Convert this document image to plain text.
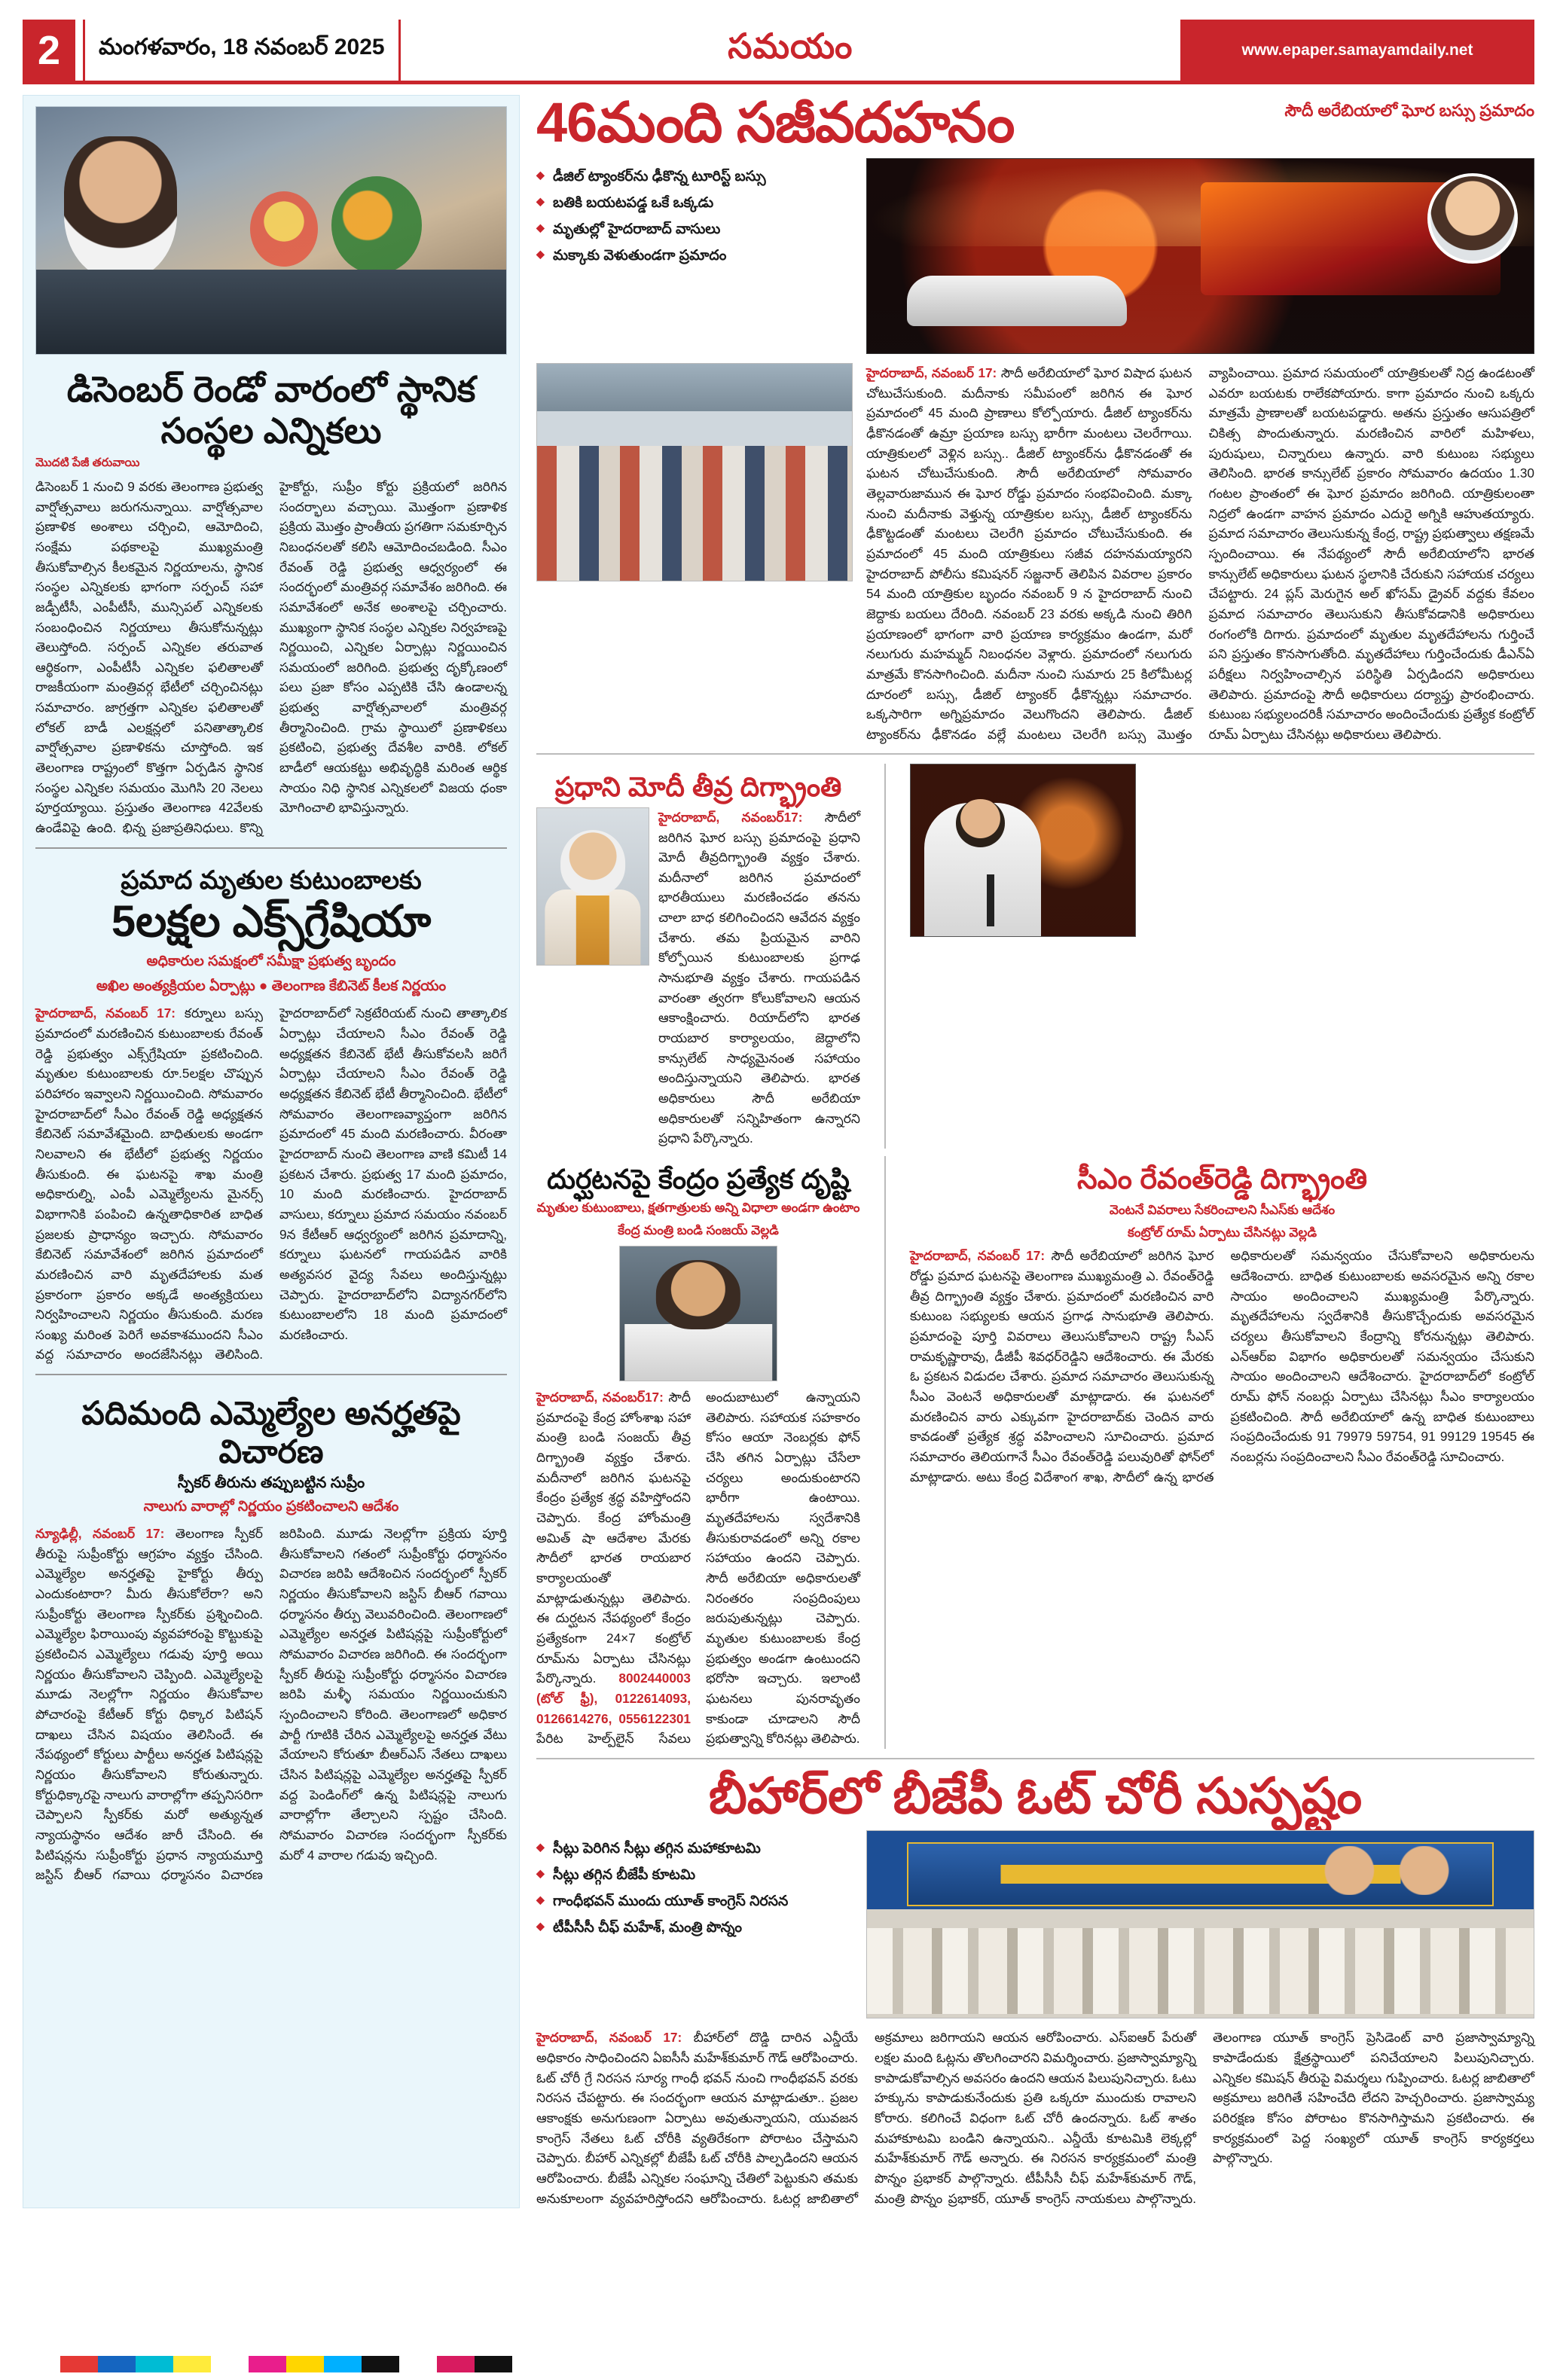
2	మంగళవారం, 18 నవంబర్ 2025	సమయం	www.epaper.samayamdaily.net
డిసెంబర్ రెండో వారంలో స్థానిక సంస్థల ఎన్నికలు
మొదటి పేజీ తరువాయి
డిసెంబర్ 1 నుంచి 9 వరకు తెలంగాణ ప్రభుత్వ వార్షోత్సవాలు జరుగనున్నాయి. వార్షోత్సవాల ప్రణాళిక అంశాలు చర్చించి, ఆమోదించి, సంక్షేమ పథకాలపై ముఖ్యమంత్రి తీసుకోవాల్సిన కీలకమైన నిర్ణయాలను, స్థానిక సంస్థల ఎన్నికలకు భాగంగా సర్పంచ్ సహా జడ్పీటీసీ, ఎంపీటీసీ, మున్సిపల్ ఎన్నికలకు సంబంధించిన నిర్ణయాలు తీసుకోనున్నట్లు తెలుస్తోంది. సర్పంచ్ ఎన్నికల తరువాత ఆర్థికంగా, ఎంపీటీసీ ఎన్నికల ఫలితాలతో రాజకీయంగా మంత్రివర్గ భేటీలో చర్చించినట్లు సమాచారం. జాగ్రత్తగా ఎన్నికల ఫలితాలతో లోకల్ బాడీ ఎలక్షన్లలో పనితాత్కాలిక వార్షోత్సవాల ప్రణాళికను చూస్తోంది. ఇక తెలంగాణ రాష్ట్రంలో కొత్తగా ఏర్పడిన స్థానిక సంస్థల ఎన్నికల సమయం మొగిసి 20 నెలలు పూర్తయ్యాయి. ప్రస్తుతం తెలంగాణ 42వేలకు ఉండేవిపై ఉంది. భిన్న ప్రజాప్రతినిధులు. కొన్ని హైకోర్టు, సుప్రీం కోర్టు ప్రక్రియలో జరిగిన సందర్భాలు వచ్చాయి. మొత్తంగా ప్రణాళిక ప్రక్రియ మొత్తం ప్రాంతీయ ప్రగతిగా సమకూర్చిన నిబంధనలతో కలిసి ఆమోదించబడింది. సీఎం రేవంత్ రెడ్డి ప్రభుత్వ ఆధ్వర్యంలో ఈ సందర్భంలో మంత్రివర్గ సమావేశం జరిగింది. ఈ సమావేశంలో అనేక అంశాలపై చర్చించారు. ముఖ్యంగా స్థానిక సంస్థల ఎన్నికల నిర్వహణపై నిర్ణయించి, ఎన్నికల ఏర్పాట్లు నిర్ణయించిన సమయంలో జరిగింది. ప్రభుత్వ దృక్కోణంలో పలు ప్రజా కోసం ఎప్పటికి చేసి ఉండాలన్న ప్రభుత్వ వార్షోత్సవాలలో మంత్రివర్గ తీర్మానించింది. గ్రామ స్థాయిలో ప్రణాళికలు ప్రకటించి, ప్రభుత్వ దేవశీల వారికి. లోకల్ బాడీలో ఆయకట్టు అభివృద్ధికి మరింత ఆర్థిక సాయం నిధి స్థానిక ఎన్నికలలో విజయ ధంకా మోగించాలి భావిస్తున్నారు.
ప్రమాద మృతుల కుటుంబాలకు
5లక్షల ఎక్స్‌గ్రేషియా
అధికారుల సమక్షంలో సమీక్షా ప్రభుత్వ బృందం
అఖిల అంత్యక్రియల ఏర్పాట్లు ● తెలంగాణ కేబినెట్ కీలక నిర్ణయం
హైదరాబాద్, నవంబర్ 17: కర్నూలు బస్సు ప్రమాదంలో మరణించిన కుటుంబాలకు రేవంత్ రెడ్డి ప్రభుత్వం ఎక్స్‌గ్రేషియా ప్రకటించింది. మృతుల కుటుంబాలకు రూ.5లక్షల చొప్పున పరిహారం ఇవ్వాలని నిర్ణయించింది. సోమవారం హైదరాబాద్‌లో సీఎం రేవంత్ రెడ్డి అధ్యక్షతన కేబినెట్ సమావేశమైంది. బాధితులకు అండగా నిలవాలని ఈ భేటీలో ప్రభుత్వ నిర్ణయం తీసుకుంది. ఈ ఘటనపై శాఖ మంత్రి అధికారుల్ని, ఎంపీ ఎమ్మెల్యేలను మైనర్స్ విభాగానికి పంపించి ఉన్నతాధికారిత బాధిత ప్రజలకు ప్రాధాన్యం ఇచ్చారు. సోమవారం కేబినెట్ సమావేశంలో జరిగిన ప్రమాదంలో మరణించిన వారి మృతదేహాలకు మత ప్రకారంగా ప్రకారం అక్కడే అంత్యక్రియలు నిర్వహించాలని నిర్ణయం తీసుకుంది. మరణ సంఖ్య మరింత పెరిగే అవకాశముందని సీఎం వద్ద సమాచారం అందజేసినట్లు తెలిసింది. హైదరాబాద్‌లో సెక్రటేరియట్ నుంచి తాత్కాలిక ఏర్పాట్లు చేయాలని సీఎం రేవంత్ రెడ్డి అధ్యక్షతన కేబినెట్ భేటీ తీసుకోవలసి జరిగే ఏర్పాట్లు చేయాలని సీఎం రేవంత్ రెడ్డి అధ్యక్షతన కేబినెట్ భేటీ తీర్మానించింది. భేటీలో సోమవారం తెలంగాణవ్యాప్తంగా జరిగిన ప్రమాదంలో 45 మంది మరణించారు. వీరంతా హైదరాబాద్ నుంచి తెలంగాణ వాణి కమిటీ 14 ప్రకటన చేశారు. ప్రభుత్వ 17 మంది ప్రమాదం, 10 మంది మరణించారు. హైదరాబాద్ వాసులు, కర్నూలు ప్రమాద సమయం నవంబర్ 9న కేటీఆర్ ఆధ్వర్యంలో జరిగిన ప్రమాదాన్ని, కర్నూలు ఘటనలో గాయపడిన వారికి అత్యవసర వైద్య సేవలు అందిస్తున్నట్లు చెప్పారు. హైదరాబాద్‌లోని విద్యానగర్‌లోని కుటుంబాలలోని 18 మంది ప్రమాదంలో మరణించారు.
పదిమంది ఎమ్మెల్యేల అనర్హతపై విచారణ
స్పీకర్ తీరును తప్పుబట్టిన సుప్రీం
నాలుగు వారాల్లో నిర్ణయం ప్రకటించాలని ఆదేశం
న్యూఢిల్లీ, నవంబర్ 17: తెలంగాణ స్పీకర్ తీరుపై సుప్రీంకోర్టు ఆగ్రహం వ్యక్తం చేసింది. ఎమ్మెల్యేల అనర్హతపై హైకోర్టు తీర్పు ఎందుకంటారా? మీరు తీసుకోలేరా? అని సుప్రీంకోర్టు తెలంగాణ స్పీకర్‌కు ప్రశ్నించింది. ఎమ్మెల్యేల ఫిరాయింపు వ్యవహారంపై కొట్టుకుపై ప్రకటించిన ఎమ్మెల్యేలు గడువు పూర్తి అయి నిర్ణయం తీసుకోవాలని చెప్పింది. ఎమ్మెల్యేలపై మూడు నెలల్లోగా నిర్ణయం తీసుకోవాల పోచారంపై కేటీఆర్ కోర్టు ధిక్కార పిటిషన్ దాఖలు చేసిన విషయం తెలిసిందే. ఈ నేపథ్యంలో కోర్టులు పార్టీలు అనర్హత పిటిషన్లపై నిర్ణయం తీసుకోవాలని కోరుతున్నారు. కోర్టుధిక్కారపై నాలుగు వారాల్లోగా తప్పనిసరిగా చెప్పాలని స్పీకర్‌కు మరో అత్యున్నత న్యాయస్థానం ఆదేశం జారీ చేసింది. ఈ పిటిషన్లను సుప్రీంకోర్టు ప్రధాన న్యాయమూర్తి జస్టిస్ బీఆర్ గవాయి ధర్మాసనం విచారణ జరిపింది. మూడు నెలల్లోగా ప్రక్రియ పూర్తి తీసుకోవాలని గతంలో సుప్రీంకోర్టు ధర్మాసనం విచారణ జరిపి ఆదేశించిన సందర్భంలో స్పీకర్ నిర్ణయం తీసుకోవాలని జస్టిస్ బీఆర్ గవాయి ధర్మాసనం తీర్పు వెలువరించింది. తెలంగాణలో ఎమ్మెల్యేల అనర్హత పిటిషన్లపై సుప్రీంకోర్టులో సోమవారం విచారణ జరిగింది. ఈ సందర్భంగా స్పీకర్ తీరుపై సుప్రీంకోర్టు ధర్మాసనం విచారణ జరిపి మళ్ళీ సమయం నిర్ణయించుకుని స్పందించాలని కోరింది. తెలంగాణలో అధికార పార్టీ గూటికి చేరిన ఎమ్మెల్యేలపై అనర్హత వేటు వేయాలని కోరుతూ బీఆర్ఎస్ నేతలు దాఖలు చేసిన పిటిషన్లపై ఎమ్మెల్యేల అనర్హతపై స్పీకర్ వద్ద పెండింగ్‌లో ఉన్న పిటిషన్లపై నాలుగు వారాల్లోగా తేల్చాలని స్పష్టం చేసింది. సోమవారం విచారణ సందర్భంగా స్పీకర్‌కు మరో 4 వారాల గడువు ఇచ్చింది.
46మంది సజీవదహనం	సౌదీ అరేబియాలో ఘోర బస్సు ప్రమాదం
◆ డీజిల్ ట్యాంకర్‌ను ఢీకొన్న టూరిస్ట్ బస్సు
◆ బతికి బయటపడ్డ ఒకే ఒక్కడు
◆ మృతుల్లో హైదరాబాద్ వాసులు
◆ మక్కాకు వెళుతుండగా ప్రమాదం
హైదరాబాద్, నవంబర్ 17: సౌదీ అరేబియాలో ఘోర విషాద ఘటన చోటుచేసుకుంది. మదీనాకు సమీపంలో జరిగిన ఈ ఘోర ప్రమాదంలో 45 మంది ప్రాణాలు కోల్పోయారు. డీజిల్ ట్యాంకర్‌ను ఢీకొనడంతో ఉమ్రా ప్రయాణ బస్సు భారీగా మంటలు చెలరేగాయి. యాత్రికులలో వెళ్లిన బస్సు.. డీజిల్ ట్యాంకర్‌ను ఢీకొనడంతో ఈ ఘటన చోటుచేసుకుంది. సౌదీ అరేబియాలో సోమవారం తెల్లవారుజామున ఈ ఘోర రోడ్డు ప్రమాదం సంభవించింది. మక్కా నుంచి మదీనాకు వెళ్తున్న యాత్రికుల బస్సు, డీజిల్ ట్యాంకర్‌ను ఢీకొట్టడంతో మంటలు చెలరేగి ప్రమాదం చోటుచేసుకుంది. ఈ ప్రమాదంలో 45 మంది యాత్రికులు సజీవ దహనమయ్యారని హైదరాబాద్ పోలీసు కమిషనర్ సజ్జనార్ తెలిపిన వివరాల ప్రకారం 54 మంది యాత్రికుల బృందం నవంబర్ 9 న హైదరాబాద్ నుంచి జెద్దాకు బయలు దేరింది. నవంబర్ 23 వరకు అక్కడి నుంచి తిరిగి ప్రయాణంలో భాగంగా వారి ప్రయాణ కార్యక్రమం ఉండగా, మరో నలుగురు మహమ్మద్ నిబంధనల వెళ్లారు. ప్రమాదంలో నలుగురు మాత్రమే కొనసాగించింది. మదీనా నుంచి సుమారు 25 కిలోమీటర్ల దూరంలో బస్సు, డీజిల్ ట్యాంకర్ ఢీకొన్నట్లు సమాచారం. ఒక్కసారిగా అగ్నిప్రమాదం వెలుగొందని తెలిపారు. డీజిల్ ట్యాంకర్‌ను ఢీకొనడం వల్లే మంటలు చెలరేగి బస్సు మొత్తం వ్యాపించాయి. ప్రమాద సమయంలో యాత్రికులతో నిద్ర ఉండటంతో ఎవరూ బయటకు రాలేకపోయారు. కాగా ప్రమాదం నుంచి ఒక్కరు మాత్రమే ప్రాణాలతో బయటపడ్డారు. అతను ప్రస్తుతం ఆసుపత్రిలో చికిత్స పొందుతున్నారు. మరణించిన వారిలో మహిళలు, పురుషులు, చిన్నారులు ఉన్నారు. వారి కుటుంబ సభ్యులు తెలిసింది. భారత కాన్సులేట్ ప్రకారం సోమవారం ఉదయం 1.30 గంటల ప్రాంతంలో ఈ ఘోర ప్రమాదం జరిగింది. యాత్రికులంతా నిద్రలో ఉండగా వాహన ప్రమాదం ఎదురై అగ్నికి ఆహుతయ్యారు. ప్రమాద సమాచారం తెలుసుకున్న కేంద్ర, రాష్ట్ర ప్రభుత్వాలు తక్షణమే స్పందించాయి. ఈ నేపథ్యంలో సౌదీ అరేబియాలోని భారత కాన్సులేట్ అధికారులు ఘటన స్థలానికి చేరుకుని సహాయక చర్యలు చేపట్టారు. 24 ప్లస్ మెరుగైన అల్ ఖోసమ్ డ్రైవర్ వద్దకు కేవలం ప్రమాద సమాచారం తెలుసుకుని తీసుకోవడానికి అధికారులు రంగంలోకి దిగారు. ప్రమాదంలో మృతుల మృతదేహాలను గుర్తించే పని ప్రస్తుతం కొనసాగుతోంది. మృతదేహాలు గుర్తించేందుకు డీఎన్ఏ పరీక్షలు నిర్వహించాల్సిన పరిస్థితి ఏర్పడిందని అధికారులు తెలిపారు. ప్రమాదంపై సౌదీ అధికారులు దర్యాప్తు ప్రారంభించారు. కుటుంబ సభ్యులందరికీ సమాచారం అందించేందుకు ప్రత్యేక కంట్రోల్ రూమ్ ఏర్పాటు చేసినట్లు అధికారులు తెలిపారు.
ప్రధాని మోదీ తీవ్ర దిగ్భ్రాంతి
హైదరాబాద్, నవంబర్17: సౌదీలో జరిగిన ఘోర బస్సు ప్రమాదంపై ప్రధాని మోదీ తీవ్రదిగ్భ్రాంతి వ్యక్తం చేశారు. మదీనాలో జరిగిన ప్రమాదంలో భారతీయులు మరణించడం తనను చాలా బాధ కలిగించిందని ఆవేదన వ్యక్తం చేశారు. తమ ప్రియమైన వారిని కోల్పోయిన కుటుంబాలకు ప్రగాఢ సానుభూతి వ్యక్తం చేశారు. గాయపడిన వారంతా త్వరగా కోలుకోవాలని ఆయన ఆకాంక్షించారు. రియాద్‌లోని భారత రాయబార కార్యాలయం, జెద్దాలోని కాన్సులేట్ సాధ్యమైనంత సహాయం అందిస్తున్నాయని తెలిపారు. భారత అధికారులు సౌదీ అరేబియా అధికారులతో సన్నిహితంగా ఉన్నారని ప్రధాని పేర్కొన్నారు.
దుర్ఘటనపై కేంద్రం ప్రత్యేక దృష్టి
మృతుల కుటుంబాలు, క్షతగాత్రులకు అన్ని విధాలా అండగా ఉంటాం
కేంద్ర మంత్రి బండి సంజయ్ వెల్లడి
హైదరాబాద్, నవంబర్17: సౌదీ ప్రమాదంపై కేంద్ర హోంశాఖ సహా మంత్రి బండి సంజయ్ తీవ్ర దిగ్భ్రాంతి వ్యక్తం చేశారు. మదీనాలో జరిగిన ఘటనపై కేంద్రం ప్రత్యేక శ్రద్ధ వహిస్తోందని చెప్పారు. కేంద్ర హోంమంత్రి అమిత్ షా ఆదేశాల మేరకు సౌదీలో భారత రాయబార కార్యాలయంతో మాట్లాడుతున్నట్లు తెలిపారు. ఈ దుర్ఘటన నేపథ్యంలో కేంద్రం ప్రత్యేకంగా 24×7 కంట్రోల్ రూమ్‌ను ఏర్పాటు చేసినట్లు పేర్కొన్నారు. 8002440003 (టోల్ ఫ్రీ), 0122614093, 0126614276, 0556122301 పేరిట హెల్ప్‌లైన్ సేవలు అందుబాటులో ఉన్నాయని తెలిపారు. సహాయక సహకారం కోసం ఆయా నెంబర్లకు ఫోన్ చేసి తగిన ఏర్పాట్లు చేసేలా చర్యలు అందుకుంటారని భారీగా ఉంటాయి. మృతదేహాలను స్వదేశానికి తీసుకురావడంలో అన్ని రకాల సహాయం ఉందని చెప్పారు. సౌదీ అరేబియా అధికారులతో నిరంతరం సంప్రదింపులు జరుపుతున్నట్లు చెప్పారు. మృతుల కుటుంబాలకు కేంద్ర ప్రభుత్వం అండగా ఉంటుందని భరోసా ఇచ్చారు. ఇలాంటి ఘటనలు పునరావృతం కాకుండా చూడాలని సౌదీ ప్రభుత్వాన్ని కోరినట్లు తెలిపారు.
సీఎం రేవంత్‌రెడ్డి దిగ్భ్రాంతి
వెంటనే వివరాలు సేకరించాలని సీఎస్‌కు ఆదేశం
కంట్రోల్ రూమ్ ఏర్పాటు చేసినట్లు వెల్లడి
హైదరాబాద్, నవంబర్ 17: సౌదీ అరేబియాలో జరిగిన ఘోర రోడ్డు ప్రమాద ఘటనపై తెలంగాణ ముఖ్యమంత్రి ఎ. రేవంత్‌రెడ్డి తీవ్ర దిగ్భ్రాంతి వ్యక్తం చేశారు. ప్రమాదంలో మరణించిన వారి కుటుంబ సభ్యులకు ఆయన ప్రగాఢ సానుభూతి తెలిపారు. ప్రమాదంపై పూర్తి వివరాలు తెలుసుకోవాలని రాష్ట్ర సీఎస్ రామకృష్ణారావు, డీజీపీ శివధర్‌రెడ్డిని ఆదేశించారు. ఈ మేరకు ఓ ప్రకటన విడుదల చేశారు. ప్రమాద సమాచారం తెలుసుకున్న సీఎం వెంటనే అధికారులతో మాట్లాడారు. ఈ ఘటనలో మరణించిన వారు ఎక్కువగా హైదరాబాద్‌కు చెందిన వారు కావడంతో ప్రత్యేక శ్రద్ధ వహించాలని సూచించారు. ప్రమాద సమాచారం తెలియగానే సీఎం రేవంత్‌రెడ్డి పలువురితో ఫోన్‌లో మాట్లాడారు. అటు కేంద్ర విదేశాంగ శాఖ, సౌదీలో ఉన్న భారత అధికారులతో సమన్వయం చేసుకోవాలని అధికారులను ఆదేశించారు. బాధిత కుటుంబాలకు అవసరమైన అన్ని రకాల సాయం అందించాలని ముఖ్యమంత్రి పేర్కొన్నారు. మృతదేహాలను స్వదేశానికి తీసుకొచ్చేందుకు అవసరమైన చర్యలు తీసుకోవాలని కేంద్రాన్ని కోరనున్నట్లు తెలిపారు. ఎన్ఆర్ఐ విభాగం అధికారులతో సమన్వయం చేసుకుని సాయం అందించాలని ఆదేశించారు. హైదరాబాద్‌లో కంట్రోల్ రూమ్ ఫోన్ నంబర్లు ఏర్పాటు చేసినట్లు సీఎం కార్యాలయం ప్రకటించింది. సౌదీ అరేబియాలో ఉన్న బాధిత కుటుంబాలు సంప్రదించేందుకు 91 79979 59754, 91 99129 19545 ఈ నంబర్లను సంప్రదించాలని సీఎం రేవంత్‌రెడ్డి సూచించారు.
బీహార్‌లో బీజేపీ ఓట్ చోరీ సుస్పష్టం
◆ సీట్లు పెరిగిన సీట్లు తగ్గిన మహాకూటమి
◆ సీట్లు తగ్గిన బీజేపీ కూటమి
◆ గాంధీభవన్ ముందు యూత్ కాంగ్రెస్ నిరసన
◆ టీపీసీసీ చీఫ్ మహేశ్, మంత్రి పొన్నం
హైదరాబాద్, నవంబర్ 17: బీహార్‌లో దొడ్డి దారిన ఎన్డీయే అధికారం సాధించిందని ఏఐసీసీ మహేశ్‌కుమార్ గౌడ్ ఆరోపించారు. ఓట్ చోరీ గ్రే నిరసన సూర్య గాంధీ భవన్ నుంచి గాంధీభవన్ వరకు నిరసన చేపట్టారు. ఈ సందర్భంగా ఆయన మాట్లాడుతూ.. ప్రజల ఆకాంక్షకు అనుగుణంగా ఏర్పాటు అవుతున్నాయని, యువజన కాంగ్రెస్ నేతలు ఓట్ చోరీకి వ్యతిరేకంగా పోరాటం చేస్తామని చెప్పారు. బీహార్ ఎన్నికల్లో బీజేపీ ఓట్ చోరీకి పాల్పడిందని ఆయన ఆరోపించారు. బీజేపీ ఎన్నికల సంఘాన్ని చేతిలో పెట్టుకుని తమకు అనుకూలంగా వ్యవహరిస్తోందని ఆరోపించారు. ఓటర్ల జాబితాలో అక్రమాలు జరిగాయని ఆయన ఆరోపించారు. ఎస్ఐఆర్ పేరుతో లక్షల మంది ఓట్లను తొలగించారని విమర్శించారు. ప్రజాస్వామ్యాన్ని కాపాడుకోవాల్సిన అవసరం ఉందని ఆయన పిలుపునిచ్చారు. ఓటు హక్కును కాపాడుకునేందుకు ప్రతి ఒక్కరూ ముందుకు రావాలని కోరారు. కలిగించే విధంగా ఓట్ చోరీ ఉందన్నారు. ఓట్ శాతం మహాకూటమి బండిని ఉన్నాయని.. ఎన్డీయే కూటమికి లెక్కల్లో మహేశ్‌కుమార్ గౌడ్ అన్నారు. ఈ నిరసన కార్యక్రమంలో మంత్రి పొన్నం ప్రభాకర్ పాల్గొన్నారు. టీపీసీసీ చీఫ్ మహేశ్‌కుమార్ గౌడ్, మంత్రి పొన్నం ప్రభాకర్, యూత్ కాంగ్రెస్ నాయకులు పాల్గొన్నారు. తెలంగాణ యూత్ కాంగ్రెస్ ప్రెసిడెంట్ వారి ప్రజాస్వామ్యాన్ని కాపాడేందుకు క్షేత్రస్థాయిలో పనిచేయాలని పిలుపునిచ్చారు. ఎన్నికల కమిషన్ తీరుపై విమర్శలు గుప్పించారు. ఓటర్ల జాబితాలో అక్రమాలు జరిగితే సహించేది లేదని హెచ్చరించారు. ప్రజాస్వామ్య పరిరక్షణ కోసం పోరాటం కొనసాగిస్తామని ప్రకటించారు. ఈ కార్యక్రమంలో పెద్ద సంఖ్యలో యూత్ కాంగ్రెస్ కార్యకర్తలు పాల్గొన్నారు.
